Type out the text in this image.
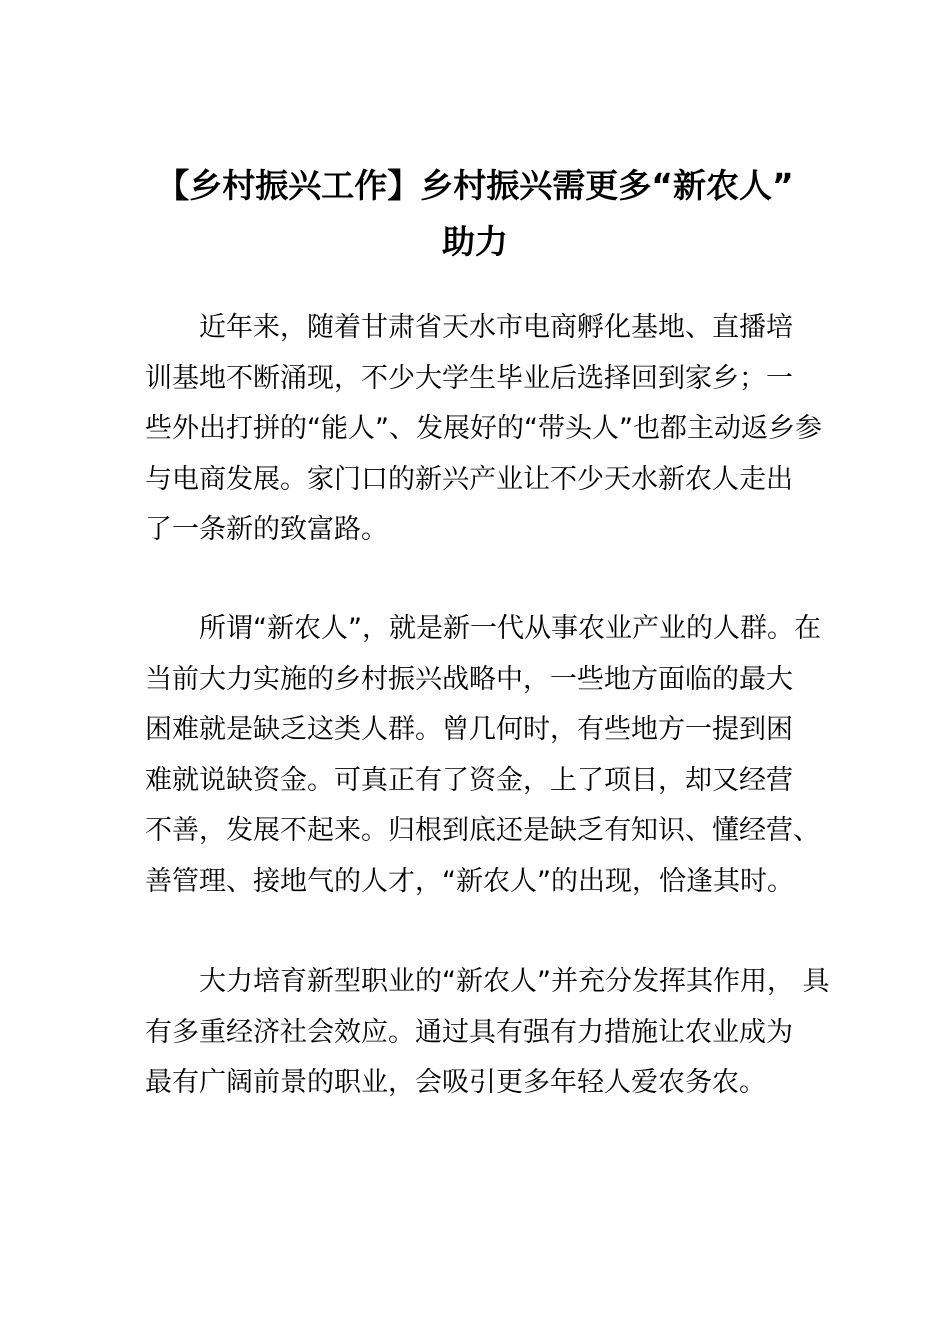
【乡村振兴工作】乡村振兴需更多“新农人”
助力

近年来，随着甘肃省天水市电商孵化基地、直播培
训基地不断涌现，不少大学生毕业后选择回到家乡；一
些外出打拼的“能人”、发展好的“带头人”也都主动返乡参
与电商发展。家门口的新兴产业让不少天水新农人走出
了一条新的致富路。

所谓“新农人”，就是新一代从事农业产业的人群。在
当前大力实施的乡村振兴战略中，一些地方面临的最大
困难就是缺乏这类人群。曾几何时，有些地方一提到困
难就说缺资金。可真正有了资金，上了项目，却又经营
不善，发展不起来。归根到底还是缺乏有知识、懂经营、
善管理、接地气的人才，“新农人”的出现，恰逢其时。

大力培育新型职业的“新农人”并充分发挥其作用， 具
有多重经济社会效应。通过具有强有力措施让农业成为
最有广阔前景的职业，会吸引更多年轻人爱农务农。
